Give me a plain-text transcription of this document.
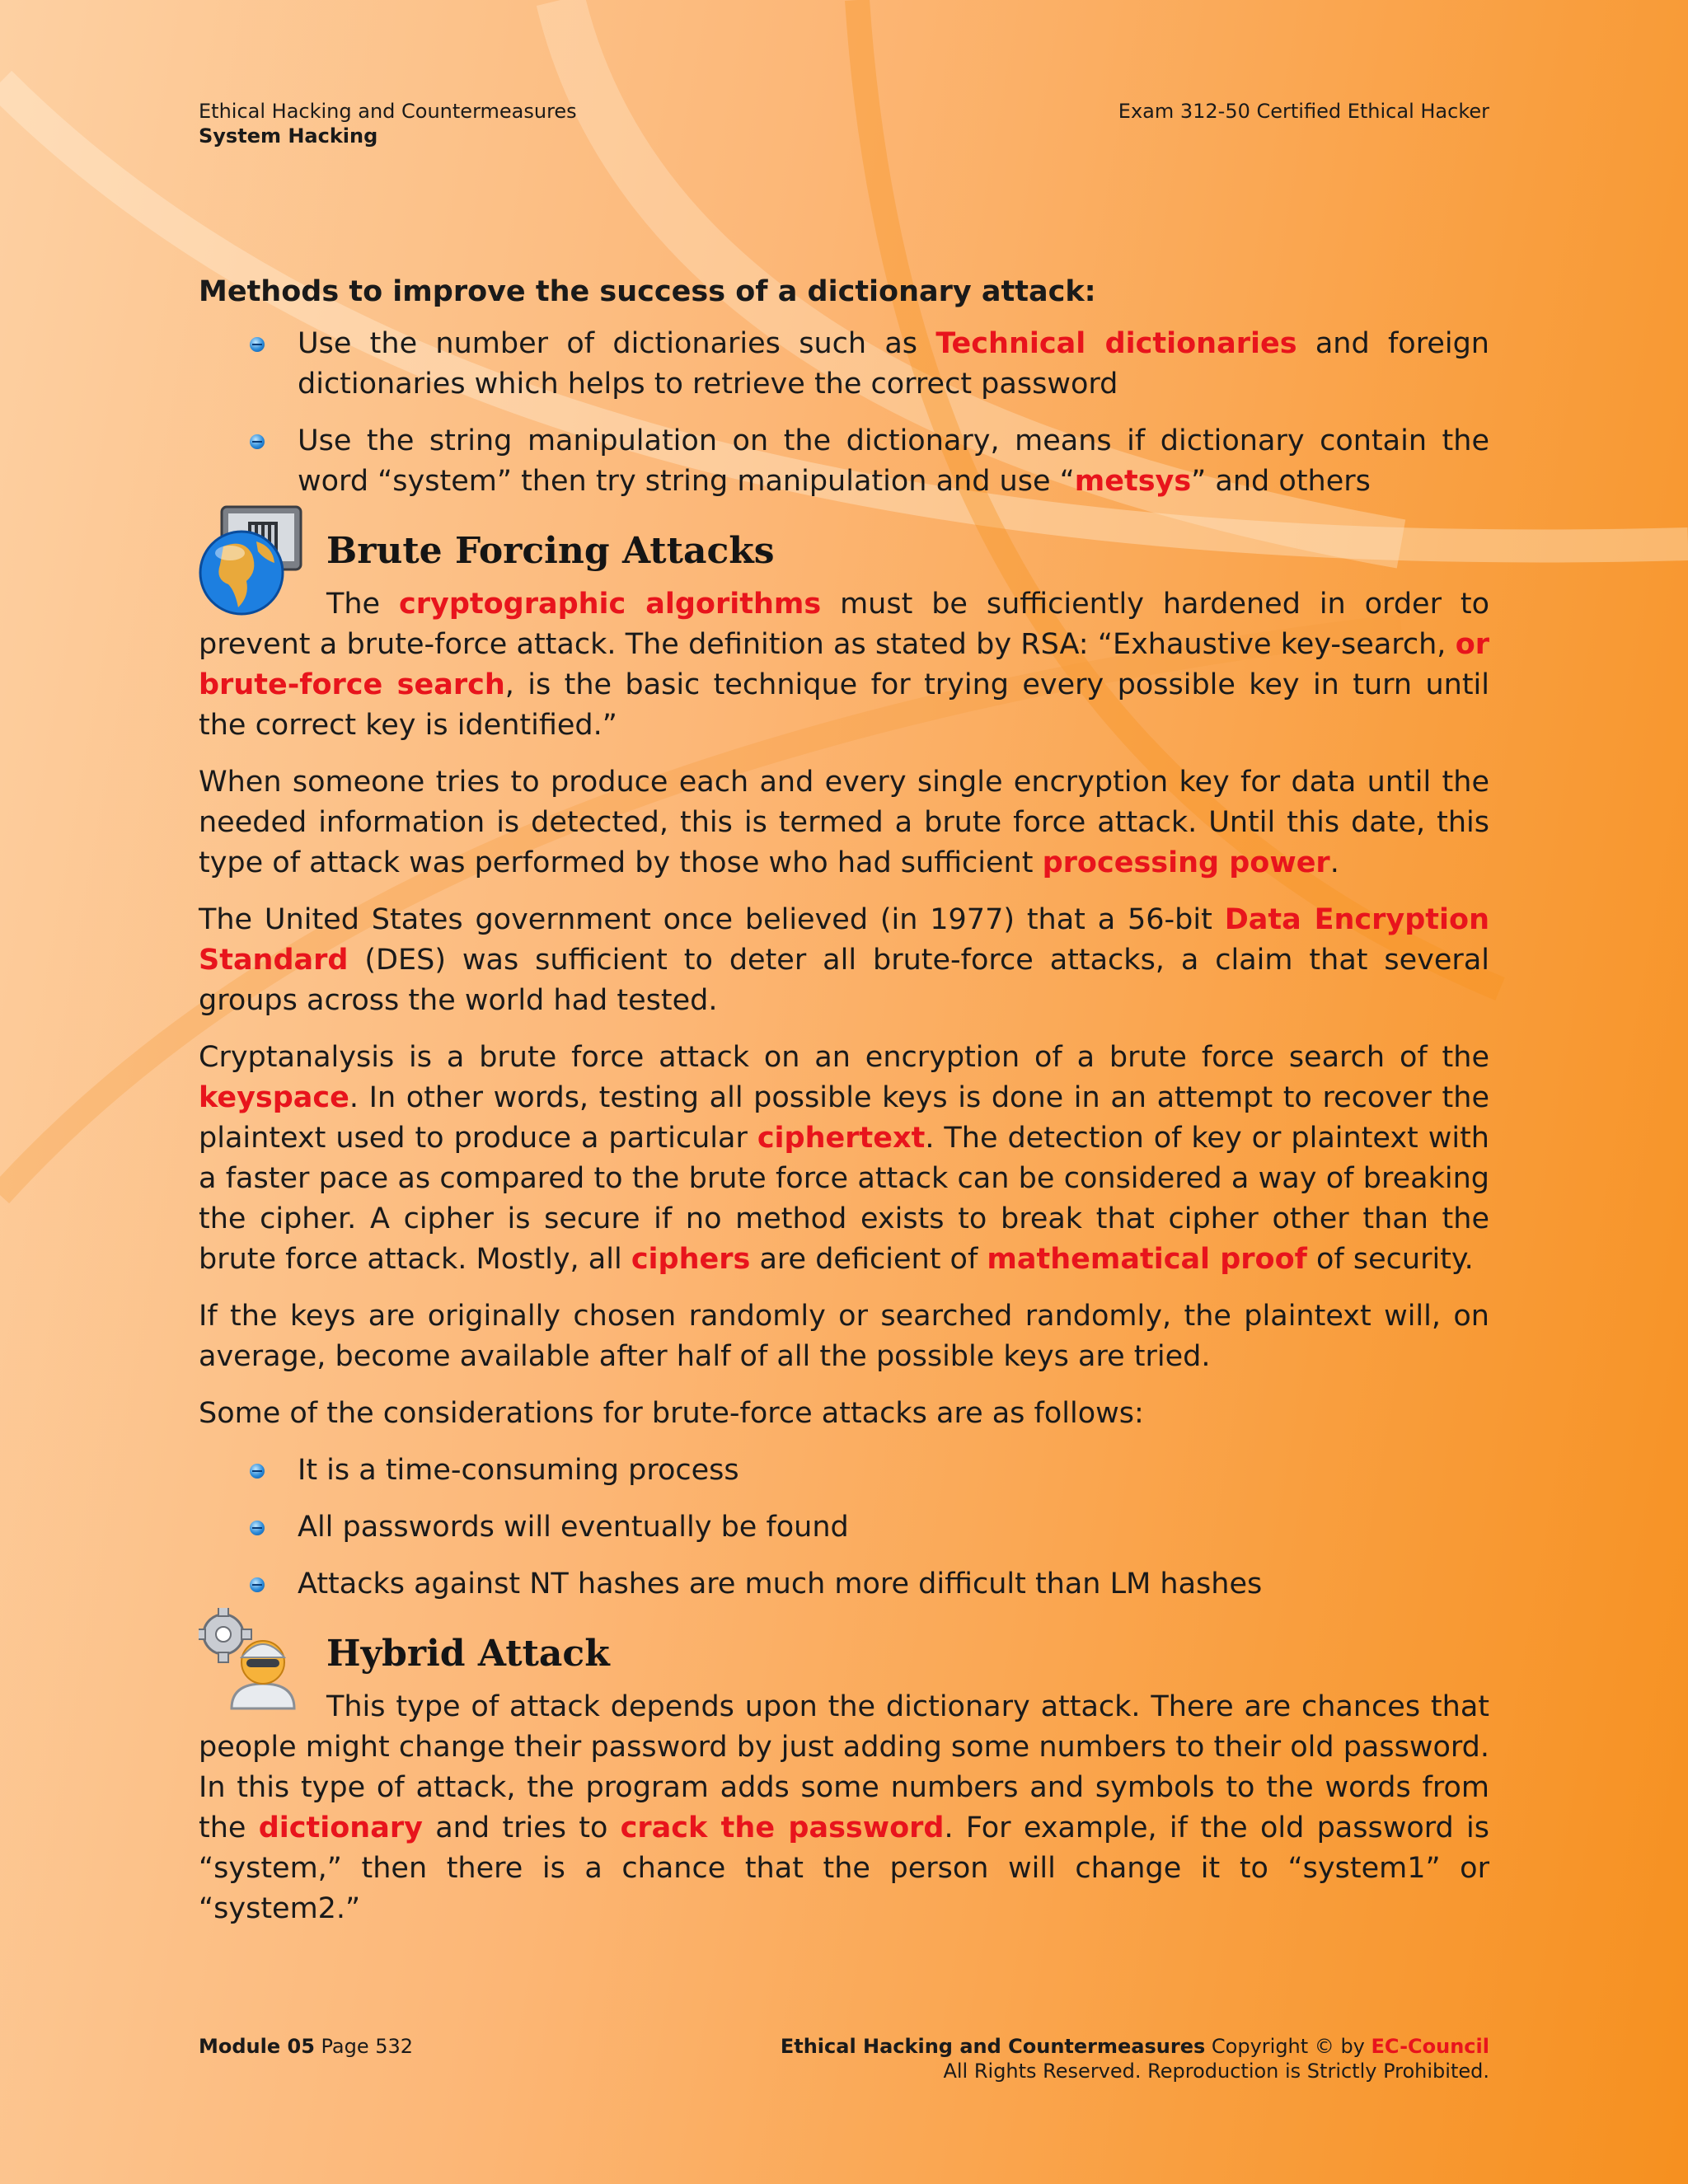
Ethical Hacking and Countermeasures
System Hacking
Exam 312-50 Certified Ethical Hacker

Methods to improve the success of a dictionary attack:

Use the number of dictionaries such as Technical dictionaries and foreign dictionaries which helps to retrieve the correct password
Use the string manipulation on the dictionary, means if dictionary contain the word “system” then try string manipulation and use “metsys” and others
Brute Forcing Attacks

The cryptographic algorithms must be sufficiently hardened in order to prevent a brute-force attack. The definition as stated by RSA: “Exhaustive key-search, or brute-force search, is the basic technique for trying every possible key in turn until the correct key is identified.”

When someone tries to produce each and every single encryption key for data until the needed information is detected, this is termed a brute force attack. Until this date, this type of attack was performed by those who had sufficient processing power.

The United States government once believed (in 1977) that a 56-bit Data Encryption Standard (DES) was sufficient to deter all brute-force attacks, a claim that several groups across the world had tested.

Cryptanalysis is a brute force attack on an encryption of a brute force search of the keyspace. In other words, testing all possible keys is done in an attempt to recover the plaintext used to produce a particular ciphertext. The detection of key or plaintext with a faster pace as compared to the brute force attack can be considered a way of breaking the cipher. A cipher is secure if no method exists to break that cipher other than the brute force attack. Mostly, all ciphers are deficient of mathematical proof of security.

If the keys are originally chosen randomly or searched randomly, the plaintext will, on average, become available after half of all the possible keys are tried.

Some of the considerations for brute-force attacks are as follows:

It is a time-consuming process
All passwords will eventually be found
Attacks against NT hashes are much more difficult than LM hashes
Hybrid Attack

This type of attack depends upon the dictionary attack. There are chances that people might change their password by just adding some numbers to their old password. In this type of attack, the program adds some numbers and symbols to the words from the dictionary and tries to crack the password. For example, if the old password is “system,” then there is a chance that the person will change it to “system1” or “system2.”

Module 05 Page 532	Ethical Hacking and Countermeasures Copyright © by EC-Council
All Rights Reserved. Reproduction is Strictly Prohibited.
